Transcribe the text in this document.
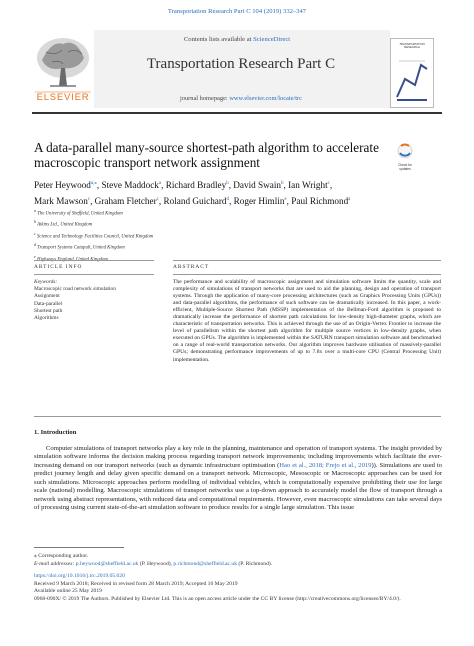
Transportation Research Part C 104 (2019) 332–347
ELSEVIER
Contents lists available at ScienceDirect
Transportation Research Part C
journal homepage: www.elsevier.com/locate/trc
TRANSPORTATION
RESEARCH
A data-parallel many-source shortest-path algorithm to accelerate macroscopic transport network assignment	Check for
updates
Peter Heywood$^{a,⁎}$, Steve Maddock$^a$, Richard Bradley$^b$, David Swain$^b$, Ian Wright$^c$,
Mark Mawson$^c$, Graham Fletcher$^c$, Roland Guichard$^d$, Roger Himlin$^e$, Paul Richmond$^a$
$^a$ The University of Sheffield, United Kingdom
$^b$ Atkins Ltd., United Kingdom
$^c$ Science and Technology Facilities Council, United Kingdom
$^d$ Transport Systems Catapult, United Kingdom
$^e$
ARTICLE INFO	ABSTRACT
Keywords:
Macroscopic road network simulation
Assignment
Data-parallel
Shortest path
Algorithms
The performance and scalability of macroscopic assignment and simulation software limits the quantity, scale and complexity of simulations of transport networks that are used to aid the planning, design and operation of transport systems. Through the application of many-core processing architectures (such as Graphics Processing Units (GPUs)) and data-parallel algorithms, the performance of such software can be dramatically increased. In this paper, a work-efficient, Multiple-Source Shortest Path (MSSP) implementation of the Bellman-Ford algorithm is proposed to dramatically increase the performance of shortest path calculations for low-density high-diameter graphs, which are characteristic of transportation networks. This is achieved through the use of an Origin-Vertex Frontier to increase the level of parallelism within the shortest path algorithm for multiple source vertices in low-density graphs, when executed on GPUs. The algorithm is implemented within the SATURN transport simulation software and benchmarked on a range of real-world transportation networks. Our algorithm improves hardware utilisation of massively-parallel GPUs; demonstrating performance improvements of up to 7.8x over a multi-core CPU (Central Processing Unit) implementation.
1. Introduction
Computer simulations of transport networks play a key role in the planning, maintenance and operation of transport systems. The insight provided by simulation software informs the decision making process regarding transport network improvements; including improvements which facilitate the ever-increasing demand on our transport networks (such as dynamic infrastructure optimisation (Hao et al., 2018; Frejo et al., 2019)). Simulations are used to predict journey length and delay given specific demand on a transport network. Microscopic, Mesoscopic or Macroscopic approaches can be used for such simulations. Microscopic approaches perform modelling of individual vehicles, which is computationally expensive prohibiting their use for large scale (national) modelling. Macroscopic simulations of transport networks use a top-down approach to accurately model the flow of transport through a network using abstract representations, with reduced data and computational requirements. However, even macroscopic simulations can take several days of processing using current state-of-the-art simulation software to produce results for a single large simulation. This issue
⁎ Corresponding author.
E-mail addresses: p.heywood@sheffield.ac.uk (P. Heywood), p.richmond@sheffield.ac.uk (P. Richmond).
https://doi.org/10.1016/j.trc.2019.05.020
Received 9 March 2018; Received in revised form 28 March 2019; Accepted 16 May 2019
Available online 25 May 2019
0968-090X/ © 2019 The Authors. Published by Elsevier Ltd. This is an open access article under the CC BY license (http://creativecommons.org/licenses/BY/4.0/).
